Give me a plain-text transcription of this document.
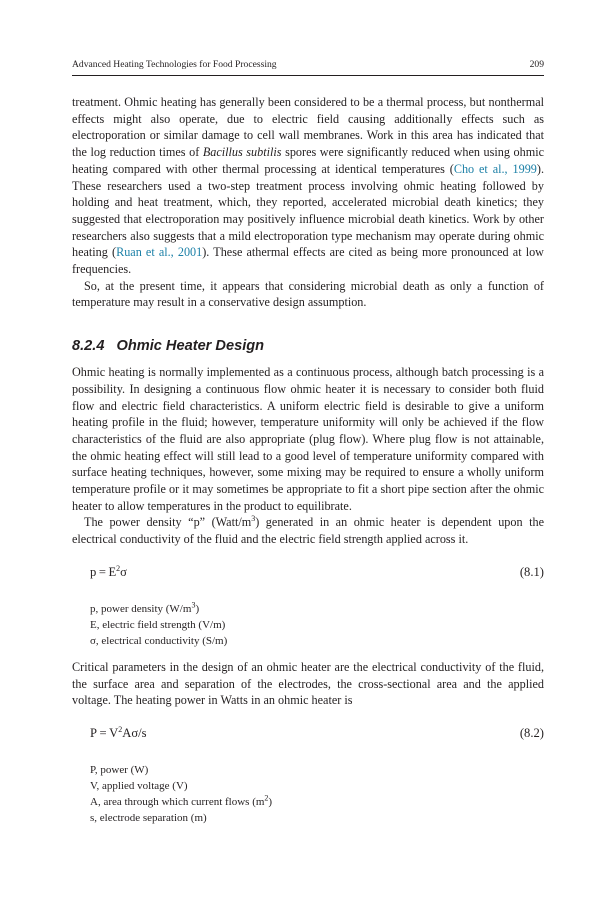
Advanced Heating Technologies for Food Processing	209

treatment. Ohmic heating has generally been considered to be a thermal process, but nonthermal effects might also operate, due to electric field causing additionally effects such as electroporation or similar damage to cell wall membranes. Work in this area has indicated that the log reduction times of Bacillus subtilis spores were significantly reduced when using ohmic heating compared with other thermal processing at identical temperatures (Cho et al., 1999). These researchers used a two-step treatment process involving ohmic heating followed by holding and heat treatment, which, they reported, accelerated microbial death kinetics; they suggested that electroporation may positively influence microbial death kinetics. Work by other researchers also suggests that a mild electroporation type mechanism may operate during ohmic heating (Ruan et al., 2001). These athermal effects are cited as being more pronounced at low frequencies.

So, at the present time, it appears that considering microbial death as only a function of temperature may result in a conservative design assumption.

8.2.4 Ohmic Heater Design

Ohmic heating is normally implemented as a continuous process, although batch processing is a possibility. In designing a continuous flow ohmic heater it is necessary to consider both fluid flow and electric field characteristics. A uniform electric field is desirable to give a uniform heating profile in the fluid; however, temperature uniformity will only be achieved if the flow characteristics of the fluid are also appropriate (plug flow). Where plug flow is not attainable, the ohmic heating effect will still lead to a good level of temperature uniformity compared with surface heating techniques, however, some mixing may be required to ensure a wholly uniform temperature profile or it may sometimes be appropriate to fit a short pipe section after the ohmic heater to allow temperatures in the product to equilibrate.

The power density “p” $(Watt/m^3)$ generated in an ohmic heater is dependent upon the electrical conductivity of the fluid and the electric field strength applied across it.

$p = E^2\sigma$	(8.1)
p, power density $(W/m^3)$
E, electric field strength (V/m)
σ, electrical conductivity (S/m)

Critical parameters in the design of an ohmic heater are the electrical conductivity of the fluid, the surface area and separation of the electrodes, the cross-sectional area and the applied voltage. The heating power in Watts in an ohmic heater is

$P = V^2A\sigma/s$	(8.2)
P, power (W)
V, applied voltage (V)
A, area through which current flows $(m^2)$
s, electrode separation (m)
